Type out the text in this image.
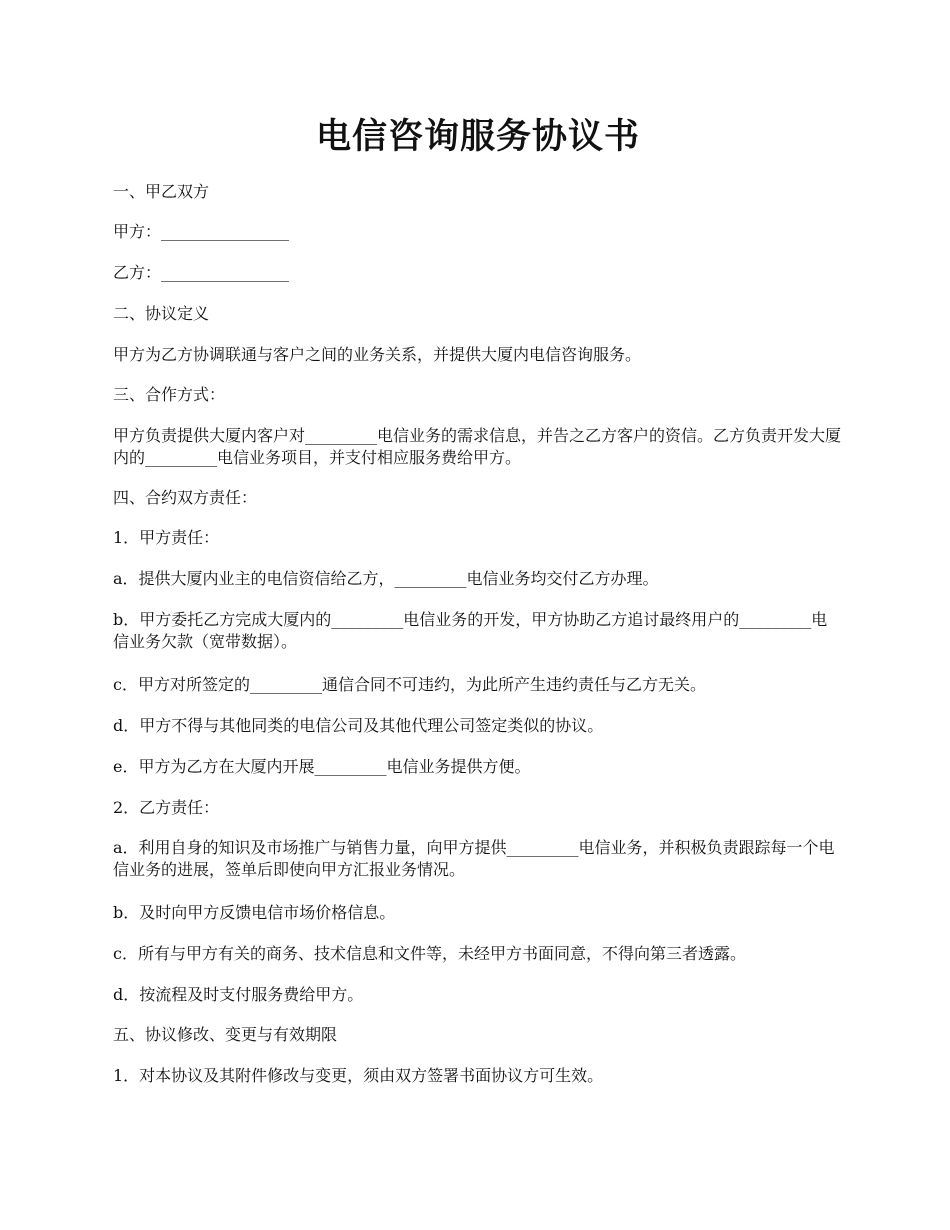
电信咨询服务协议书

一、甲乙双方

甲方：________________

乙方：________________

二、协议定义

甲方为乙方协调联通与客户之间的业务关系，并提供大厦内电信咨询服务。

三、合作方式：

甲方负责提供大厦内客户对_________电信业务的需求信息，并告之乙方客户的资信。乙方负责开发大厦内的_________电信业务项目，并支付相应服务费给甲方。

四、合约双方责任：

1．甲方责任：

a．提供大厦内业主的电信资信给乙方，_________电信业务均交付乙方办理。

b．甲方委托乙方完成大厦内的_________电信业务的开发，甲方协助乙方追讨最终用户的_________电信业务欠款（宽带数据）。

c．甲方对所签定的_________通信合同不可违约，为此所产生违约责任与乙方无关。

d．甲方不得与其他同类的电信公司及其他代理公司签定类似的协议。

e．甲方为乙方在大厦内开展_________电信业务提供方便。

2．乙方责任：

a．利用自身的知识及市场推广与销售力量，向甲方提供_________电信业务，并积极负责跟踪每一个电信业务的进展，签单后即使向甲方汇报业务情况。

b．及时向甲方反馈电信市场价格信息。

c．所有与甲方有关的商务、技术信息和文件等，未经甲方书面同意，不得向第三者透露。

d．按流程及时支付服务费给甲方。

五、协议修改、变更与有效期限

1．对本协议及其附件修改与变更，须由双方签署书面协议方可生效。
